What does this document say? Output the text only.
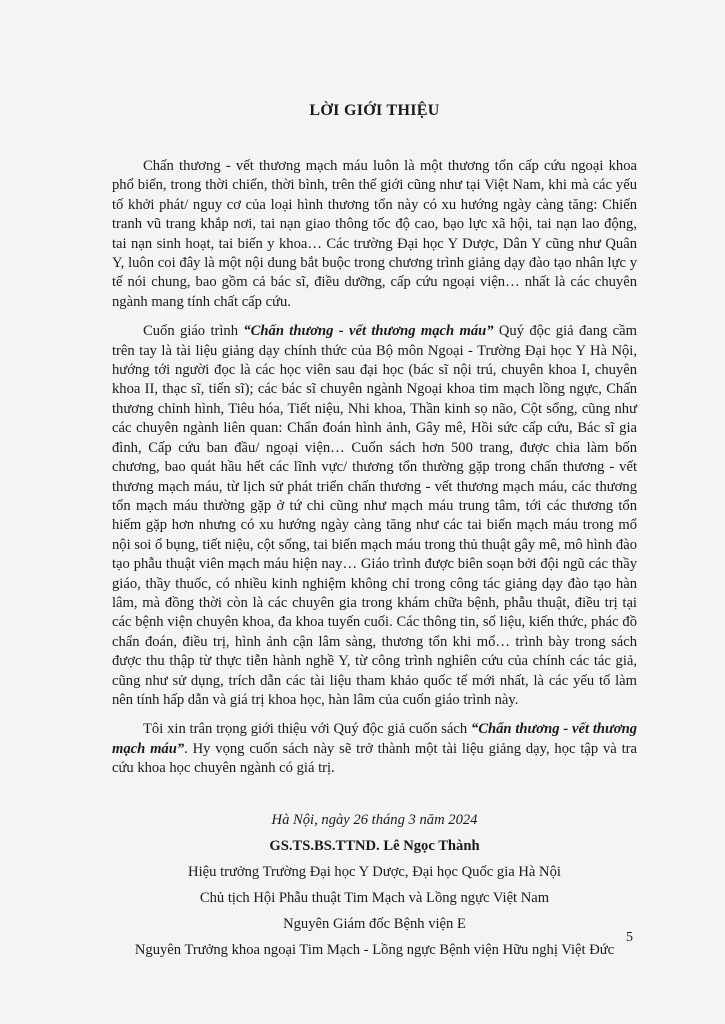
LỜI GIỚI THIỆU

Chấn thương - vết thương mạch máu luôn là một thương tổn cấp cứu ngoại khoa phổ biến, trong thời chiến, thời bình, trên thế giới cũng như tại Việt Nam, khi mà các yếu tố khởi phát/ nguy cơ của loại hình thương tổn này có xu hướng ngày càng tăng: Chiến tranh vũ trang khắp nơi, tai nạn giao thông tốc độ cao, bạo lực xã hội, tai nạn lao động, tai nạn sinh hoạt, tai biến y khoa… Các trường Đại học Y Dược, Dân Y cũng như Quân Y, luôn coi đây là một nội dung bắt buộc trong chương trình giảng dạy đào tạo nhân lực y tế nói chung, bao gồm cả bác sĩ, điều dưỡng, cấp cứu ngoại viện… nhất là các chuyên ngành mang tính chất cấp cứu.

Cuốn giáo trình “Chấn thương - vết thương mạch máu” Quý độc giả đang cầm trên tay là tài liệu giảng dạy chính thức của Bộ môn Ngoại - Trường Đại học Y Hà Nội, hướng tới người đọc là các học viên sau đại học (bác sĩ nội trú, chuyên khoa I, chuyên khoa II, thạc sĩ, tiến sĩ); các bác sĩ chuyên ngành Ngoại khoa tim mạch lồng ngực, Chấn thương chỉnh hình, Tiêu hóa, Tiết niệu, Nhi khoa, Thần kinh sọ não, Cột sống, cũng như các chuyên ngành liên quan: Chẩn đoán hình ảnh, Gây mê, Hồi sức cấp cứu, Bác sĩ gia đình, Cấp cứu ban đầu/ ngoại viện… Cuốn sách hơn 500 trang, được chia làm bốn chương, bao quát hầu hết các lĩnh vực/ thương tổn thường gặp trong chấn thương - vết thương mạch máu, từ lịch sử phát triển chấn thương - vết thương mạch máu, các thương tổn mạch máu thường gặp ở tứ chi cũng như mạch máu trung tâm, tới các thương tổn hiếm gặp hơn nhưng có xu hướng ngày càng tăng như các tai biến mạch máu trong mổ nội soi ổ bụng, tiết niệu, cột sống, tai biến mạch máu trong thủ thuật gây mê, mô hình đào tạo phẫu thuật viên mạch máu hiện nay… Giáo trình được biên soạn bởi đội ngũ các thầy giáo, thầy thuốc, có nhiều kinh nghiệm không chỉ trong công tác giảng dạy đào tạo hàn lâm, mà đồng thời còn là các chuyên gia trong khám chữa bệnh, phẫu thuật, điều trị tại các bệnh viện chuyên khoa, đa khoa tuyến cuối. Các thông tin, số liệu, kiến thức, phác đồ chẩn đoán, điều trị, hình ảnh cận lâm sàng, thương tổn khi mổ… trình bày trong sách được thu thập từ thực tiễn hành nghề Y, từ công trình nghiên cứu của chính các tác giả, cũng như sử dụng, trích dẫn các tài liệu tham khảo quốc tế mới nhất, là các yếu tố làm nên tính hấp dẫn và giá trị khoa học, hàn lâm của cuốn giáo trình này.

Tôi xin trân trọng giới thiệu với Quý độc giả cuốn sách “Chấn thương - vết thương mạch máu”. Hy vọng cuốn sách này sẽ trở thành một tài liệu giảng dạy, học tập và tra cứu khoa học chuyên ngành có giá trị.

Hà Nội, ngày 26 tháng 3 năm 2024
GS.TS.BS.TTND. Lê Ngọc Thành
Hiệu trưởng Trường Đại học Y Dược, Đại học Quốc gia Hà Nội
Chủ tịch Hội Phẫu thuật Tim Mạch và Lồng ngực Việt Nam
Nguyên Giám đốc Bệnh viện E
Nguyên Trưởng khoa ngoại Tim Mạch - Lồng ngực Bệnh viện Hữu nghị Việt Đức
5
